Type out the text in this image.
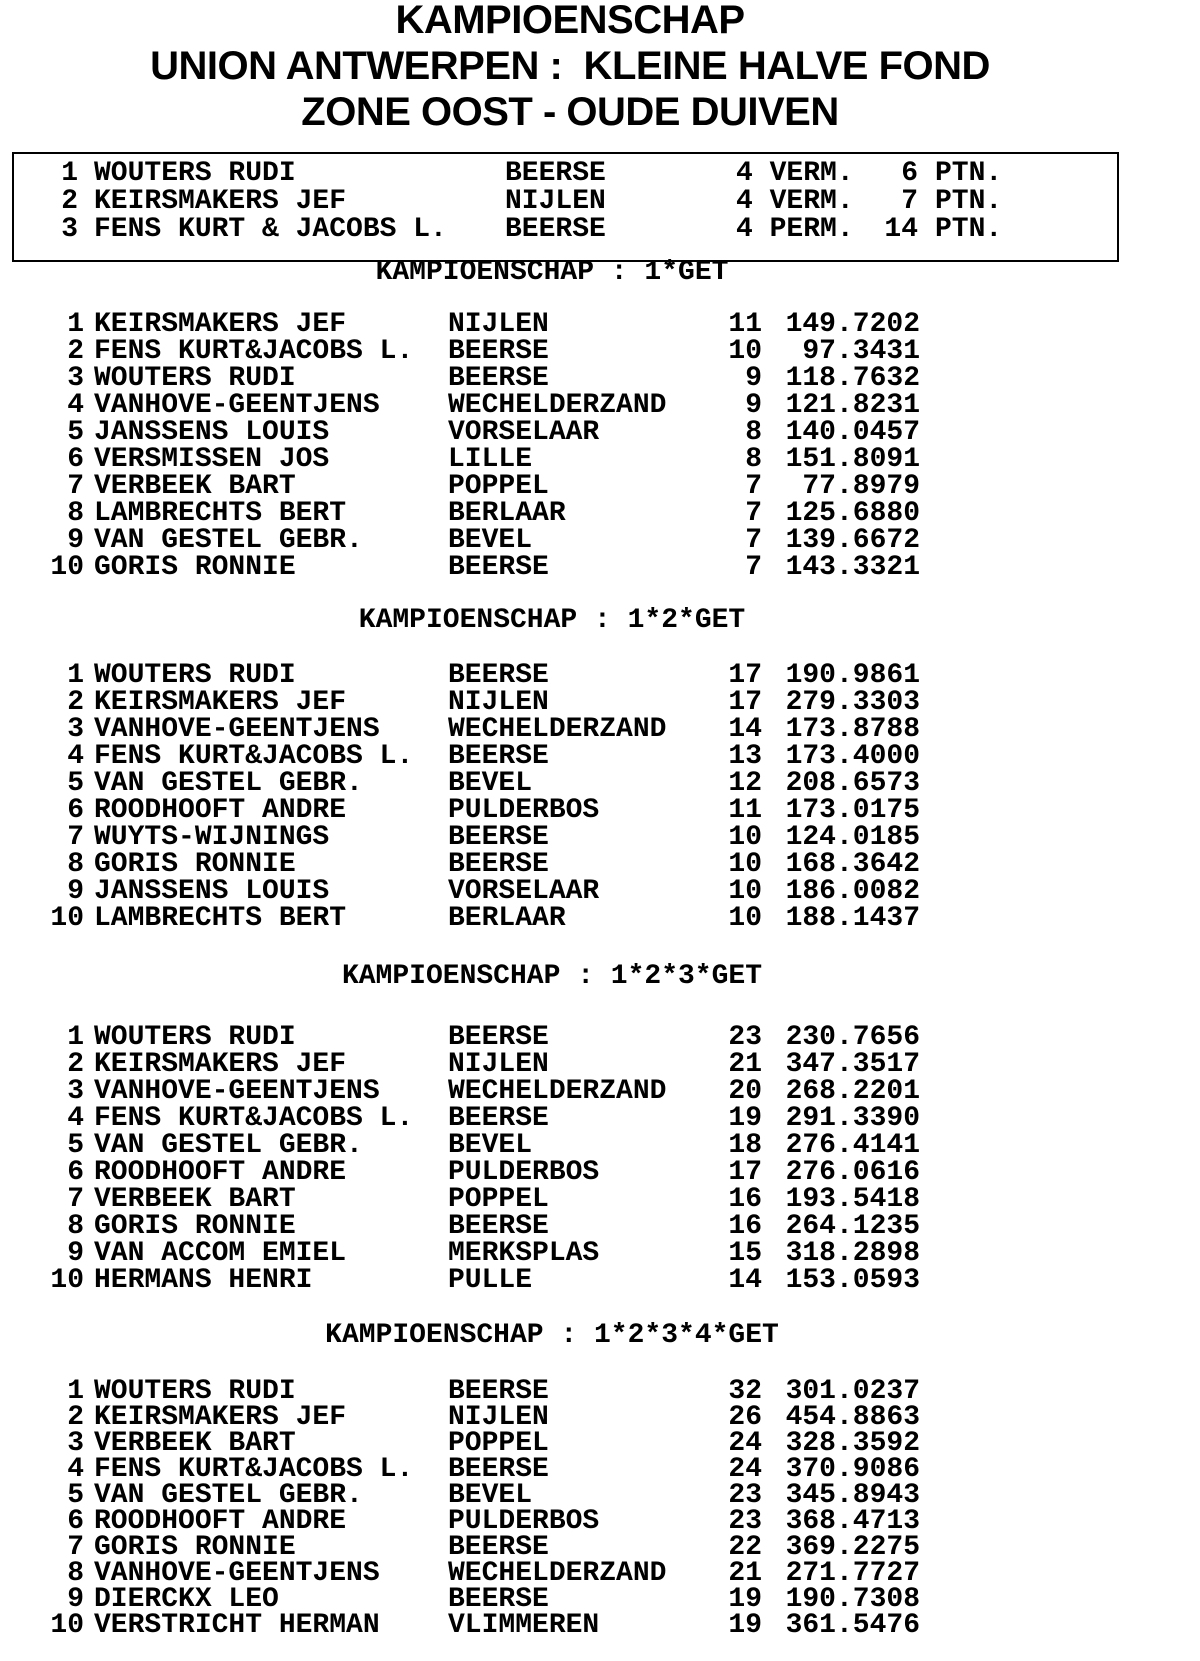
KAMPIOENSCHAP
UNION ANTWERPEN :  KLEINE HALVE FOND
ZONE OOST - OUDE DUIVEN
1 WOUTERS RUDI	BEERSE	4 VERM.	6 PTN.
2 KEIRSMAKERS JEF	NIJLEN	4 VERM.	7 PTN.
3 FENS KURT & JACOBS L.	BEERSE	4 PERM.	14 PTN.
KAMPIOENSCHAP : 1*GET
1 KEIRSMAKERS JEF	NIJLEN	11 149.7202
2 FENS KURT&JACOBS L.	BEERSE	10	97.3431
3 WOUTERS RUDI	BEERSE	9 118.7632
4 VANHOVE-GEENTJENS	WECHELDERZAND	9 121.8231
5 JANSSENS LOUIS	VORSELAAR	8 140.0457
6 VERSMISSEN JOS	LILLE	8 151.8091
7 VERBEEK BART	POPPEL	7	77.8979
8 LAMBRECHTS BERT	BERLAAR	7 125.6880
9 VAN GESTEL GEBR.	BEVEL	7 139.6672
10 GORIS RONNIE	BEERSE	7 143.3321
KAMPIOENSCHAP : 1*2*GET
1 WOUTERS RUDI	BEERSE	17 190.9861
2 KEIRSMAKERS JEF	NIJLEN	17 279.3303
3 VANHOVE-GEENTJENS	WECHELDERZAND	14 173.8788
4 FENS KURT&JACOBS L.	BEERSE	13 173.4000
5 VAN GESTEL GEBR.	BEVEL	12 208.6573
6 ROODHOOFT ANDRE	PULDERBOS	11 173.0175
7 WUYTS-WIJNINGS	BEERSE	10 124.0185
8 GORIS RONNIE	BEERSE	10 168.3642
9 JANSSENS LOUIS	VORSELAAR	10 186.0082
10 LAMBRECHTS BERT	BERLAAR	10 188.1437
KAMPIOENSCHAP : 1*2*3*GET
1 WOUTERS RUDI	BEERSE	23 230.7656
2 KEIRSMAKERS JEF	NIJLEN	21 347.3517
3 VANHOVE-GEENTJENS	WECHELDERZAND	20 268.2201
4 FENS KURT&JACOBS L.	BEERSE	19 291.3390
5 VAN GESTEL GEBR.	BEVEL	18 276.4141
6 ROODHOOFT ANDRE	PULDERBOS	17 276.0616
7 VERBEEK BART	POPPEL	16 193.5418
8 GORIS RONNIE	BEERSE	16 264.1235
9 VAN ACCOM EMIEL	MERKSPLAS	15 318.2898
10 HERMANS HENRI	PULLE	14 153.0593
KAMPIOENSCHAP : 1*2*3*4*GET
1 WOUTERS RUDI	BEERSE	32 301.0237
2 KEIRSMAKERS JEF	NIJLEN	26 454.8863
3 VERBEEK BART	POPPEL	24 328.3592
4 FENS KURT&JACOBS L.	BEERSE	24 370.9086
5 VAN GESTEL GEBR.	BEVEL	23 345.8943
6 ROODHOOFT ANDRE	PULDERBOS	23 368.4713
7 GORIS RONNIE	BEERSE	22 369.2275
8 VANHOVE-GEENTJENS	WECHELDERZAND	21 271.7727
9 DIERCKX LEO	BEERSE	19 190.7308
10 VERSTRICHT HERMAN	VLIMMEREN	19 361.5476
